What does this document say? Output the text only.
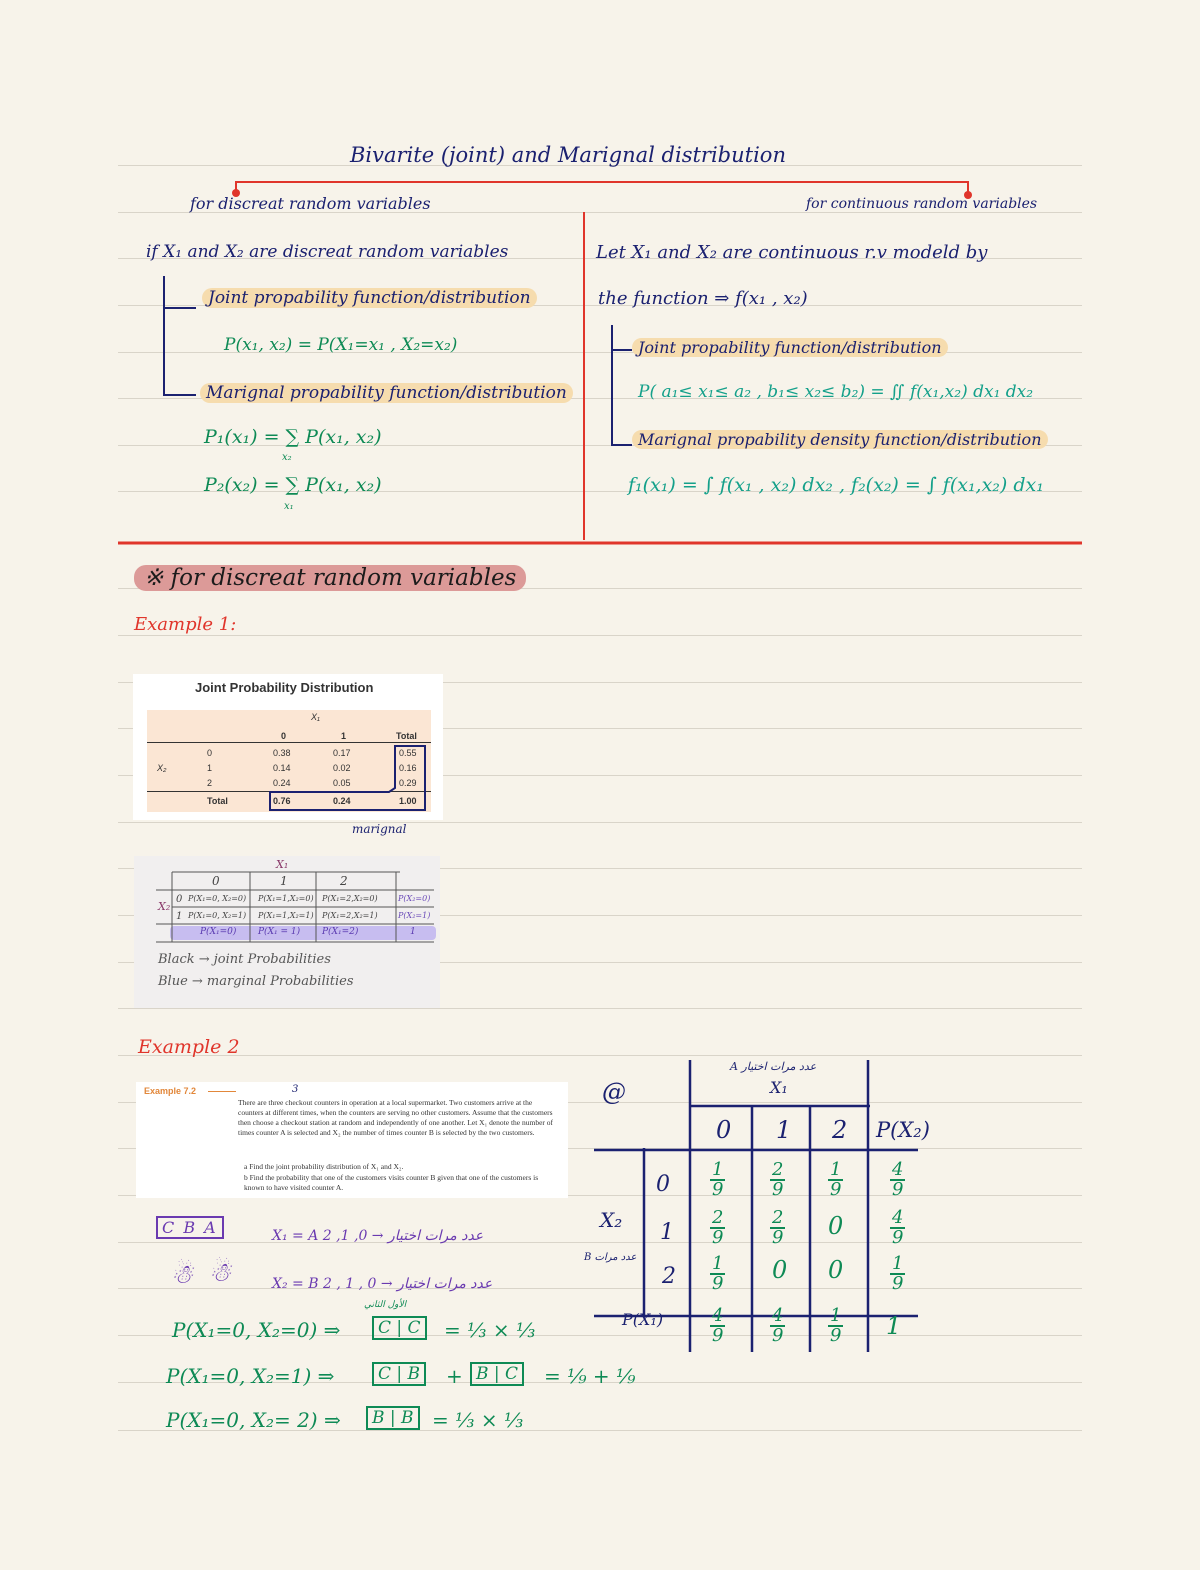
Bivarite (joint) and Marignal distribution
for discreat random variables	for continuous random variables
if X₁ and X₂ are discreat random variables
Joint propability function/distribution
P(x₁, x₂) = P(X₁=x₁ , X₂=x₂)
Marignal propability function/distribution
P₁(x₁) = ∑ P(x₁, x₂)
x₂
P₂(x₂) = ∑ P(x₁, x₂)
x₁
Let X₁ and X₂ are continuous r.v modeld by
the function ⇒ f(x₁ , x₂)
Joint propability function/distribution
P( a₁≤ x₁≤ a₂ , b₁≤ x₂≤ b₂) = ∬ f(x₁,x₂) dx₁ dx₂
Marignal propability density function/distribution
f₁(x₁) = ∫ f(x₁ , x₂) dx₂ , f₂(x₂) = ∫ f(x₁,x₂) dx₁
※ for discreat random variables
Example 1:
Joint Probability Distribution
X₁
X₂
0	1	Total
0	0.38	0.17	0.55
1	0.14	0.02	0.16
2	0.24	0.05	0.29
Total	0.76	0.24	1.00
marignal
X₁
X₂
0	1	2
0 P(X₁=0, X₂=0) P(X₁=1,X₂=0) P(X₁=2,X₂=0)	P(X₂=0)
1 P(X₁=0, X₂=1) P(X₁=1,X₂=1) P(X₁=2,X₂=1)	P(X₂=1)
P(X₁=0) P(X₁ = 1) P(X₁=2)	1
Black → joint Probabilities
Blue → marginal Probabilities
Example 2
Example 7.2	3
There are three checkout counters in operation at a local supermarket. Two customers arrive at the counters at different times, when the counters are serving no other customers. Assume that the customers then choose a checkout station at random and independently of one another. Let X₁ denote the number of times counter A is selected and X₂ the number of times counter B is selected by the two customers.
a Find the joint probability distribution of X₁ and X₂.
b Find the probability that one of the customers visits counter B given that one of the customers is known to have visited counter A.
C B A
☃ ☃
X₁ = A عدد مرات اختيار → 0, 1, 2
X₂ = B عدد مرات اختيار → 0 , 1 , 2
الأول الثاني
P(X₁=0, X₂=0) ⇒	C | C	= ⅓ × ⅓
P(X₁=0, X₂=1) ⇒	C | B	+ B | C	= ⅑ + ⅑
P(X₁=0, X₂= 2) ⇒	B | B = ⅓ × ⅓
@
A عدد مرات اختيار
X₁
0 1 2 P(X₂)
X₂
B عدد مرات
0
1
2
$\frac{1}{9} \frac{2}{9} \frac{1}{9}$	$\frac{4}{9}$
$\frac{2}{9} \frac{2}{9} 0$	$\frac{4}{9}$
$\frac{1}{9} 0$ 0	$\frac{1}{9}$
P(X₁)	$\frac{4}{9} \frac{4}{9} \frac{1}{9} 1$
